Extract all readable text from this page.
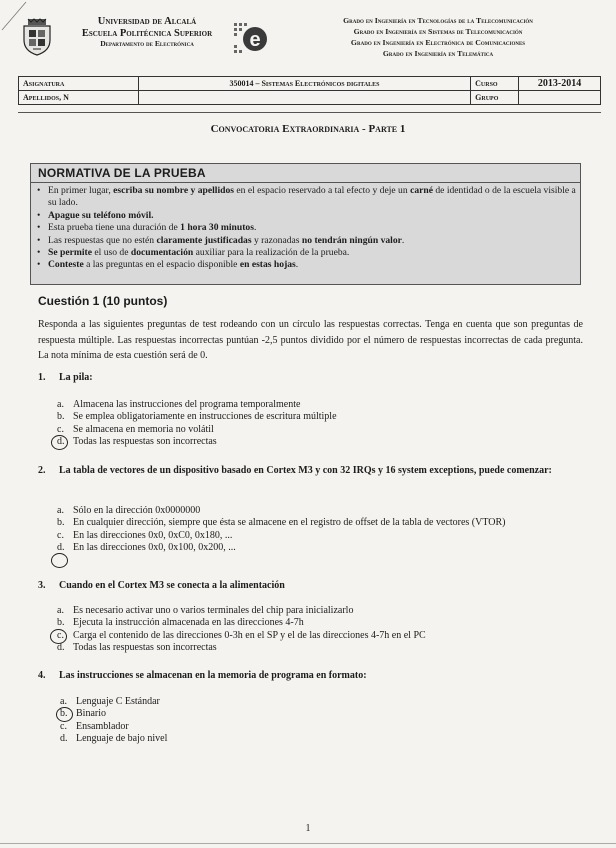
Universidad de Alcalá
Escuela Politécnica Superior
Departamento de Electrónica	e
Grado en Ingeniería en Tecnologías de la Telecomunicación
Grado en Ingeniería en Sistemas de Telecomunicación
Grado en Ingeniería en Electrónica de Comunicaciones
Grado en Ingeniería en Telemática
Asignatura	350014 – Sistemas Electrónicos digitales	Curso	2013-2014
Apellidos, N		Grupo	
Convocatoria Extraordinaria - Parte 1
NORMATIVA DE LA PRUEBA
• En primer lugar, escriba su nombre y apellidos en el espacio reservado a tal efecto y deje un carné de identidad o de la escuela visible a su lado.
• Apague su teléfono móvil.
• Esta prueba tiene una duración de 1 hora 30 minutos.
• Las respuestas que no estén claramente justificadas y razonadas no tendrán ningún valor.
• Se permite el uso de documentación auxiliar para la realización de la prueba.
• Conteste a las preguntas en el espacio disponible en estas hojas.
Cuestión 1 (10 puntos)
Responda a las siguientes preguntas de test rodeando con un círculo las respuestas correctas. Tenga en cuenta que son preguntas de respuesta múltiple. Las respuestas incorrectas puntúan -2,5 puntos dividido por el número de respuestas incorrectas de cada pregunta. La nota mínima de esta cuestión será de 0.
1. La pila:
a. Almacena las instrucciones del programa temporalmente
b. Se emplea obligatoriamente en instrucciones de escritura múltiple
c. Se almacena en memoria no volátil
d. Todas las respuestas son incorrectas
2. La tabla de vectores de un dispositivo basado en Cortex M3 y con 32 IRQs y 16 system exceptions, puede comenzar:
a. Sólo en la dirección 0x0000000
b. En cualquier dirección, siempre que ésta se almacene en el registro de offset de la tabla de vectores (VTOR)
c. En las direcciones 0x0, 0xC0, 0x180, ...
d. En las direcciones 0x0, 0x100, 0x200, ...
3. Cuando en el Cortex M3 se conecta a la alimentación
a. Es necesario activar uno o varios terminales del chip para inicializarlo
b. Ejecuta la instrucción almacenada en las direcciones 4-7h
c. Carga el contenido de las direcciones 0-3h en el SP y el de las direcciones 4-7h en el PC
d. Todas las respuestas son incorrectas
4. Las instrucciones se almacenan en la memoria de programa en formato:
a. Lenguaje C Estándar
b. Binario
c. Ensamblador
d. Lenguaje de bajo nivel
1
